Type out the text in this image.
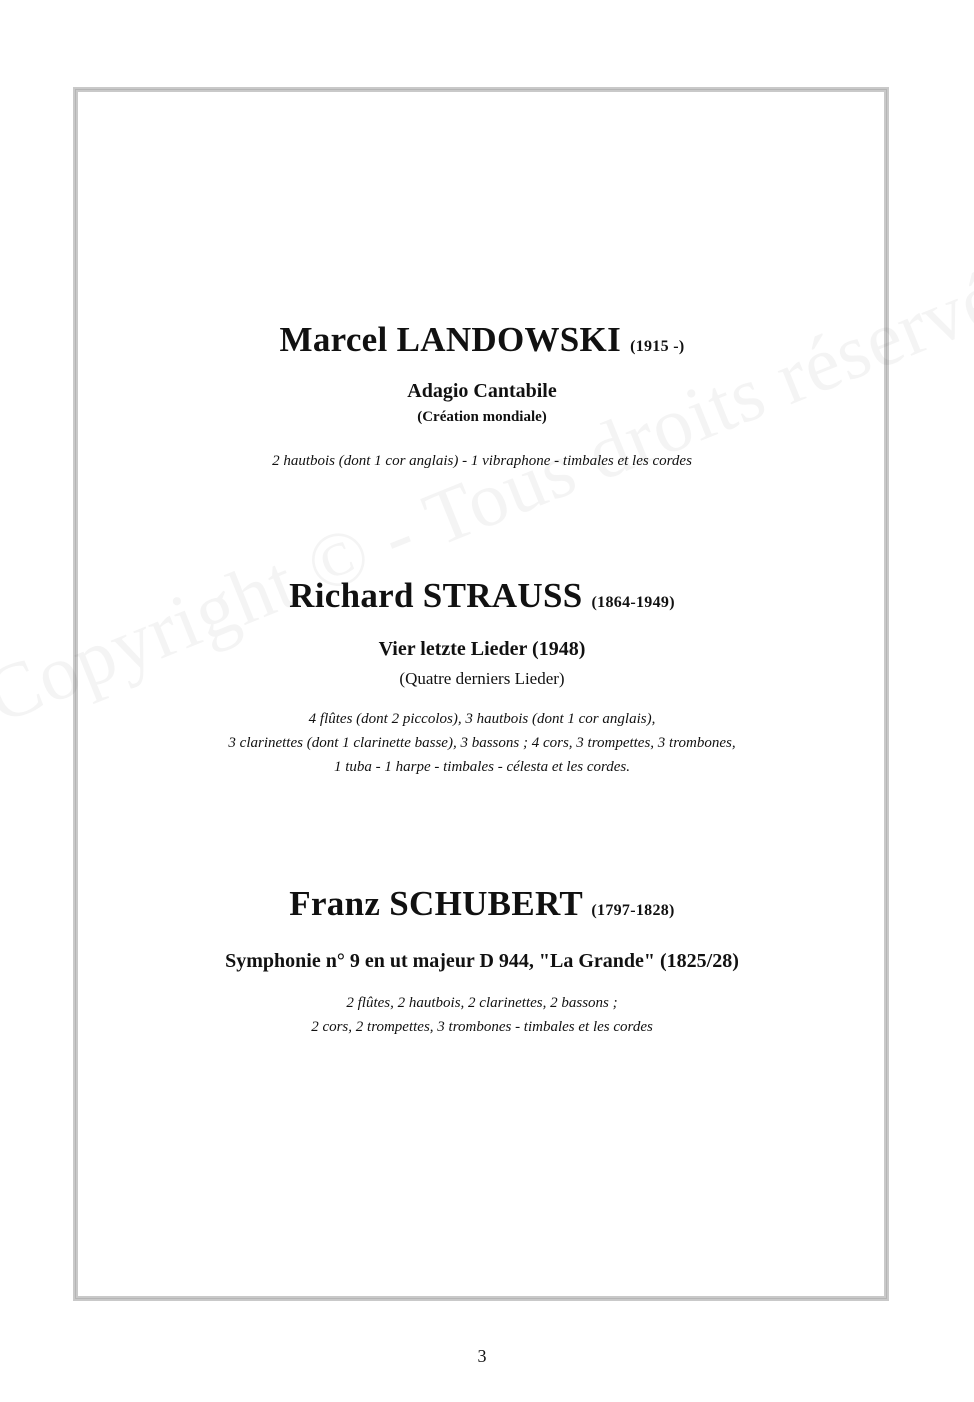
Marcel LANDOWSKI (1915 -)
Adagio Cantabile
(Création mondiale)
2 hautbois (dont 1 cor anglais) - 1 vibraphone - timbales et les cordes
Richard STRAUSS (1864-1949)
Vier letzte Lieder (1948)
(Quatre derniers Lieder)
4 flûtes (dont 2 piccolos), 3 hautbois (dont 1 cor anglais),
3 clarinettes (dont 1 clarinette basse), 3 bassons ; 4 cors, 3 trompettes, 3 trombones,
1 tuba - 1 harpe - timbales - célesta et les cordes.
Franz SCHUBERT (1797-1828)
Symphonie n° 9 en ut majeur D 944, "La Grande" (1825/28)
2 flûtes, 2 hautbois, 2 clarinettes, 2 bassons ;
2 cors, 2 trompettes, 3 trombones - timbales et les cordes
3
